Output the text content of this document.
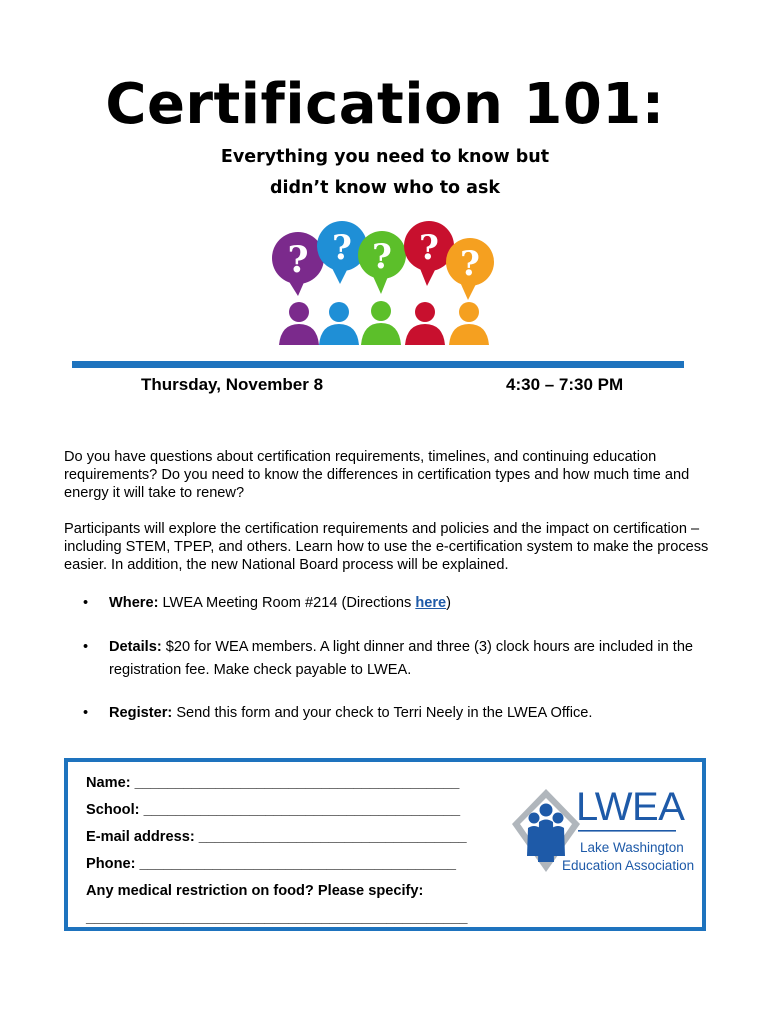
Certification 101:
Everything you need to know but
didn’t know who to ask
? ? ? ? ?
Thursday, November 8	4:30 – 7:30 PM
Do you have questions about certification requirements, timelines, and continuing education requirements? Do you need to know the differences in certification types and how much time and energy it will take to renew?
Participants will explore the certification requirements and policies and the impact on certification – including STEM, TPEP, and others. Learn how to use the e-certification system to make the process easier. In addition, the new National Board process will be explained.
• Where: LWEA Meeting Room #214 (Directions here)
• Details: $20 for WEA members. A light dinner and three (3) clock hours are included in the registration fee. Make check payable to LWEA.
• Register: Send this form and your check to Terri Neely in the LWEA Office.
Name: ________________________________________
School: _______________________________________
E-mail address: _________________________________
Phone: _______________________________________
Any medical restriction on food? Please specify:
_______________________________________________
LWEA
Lake Washington
Education Association
